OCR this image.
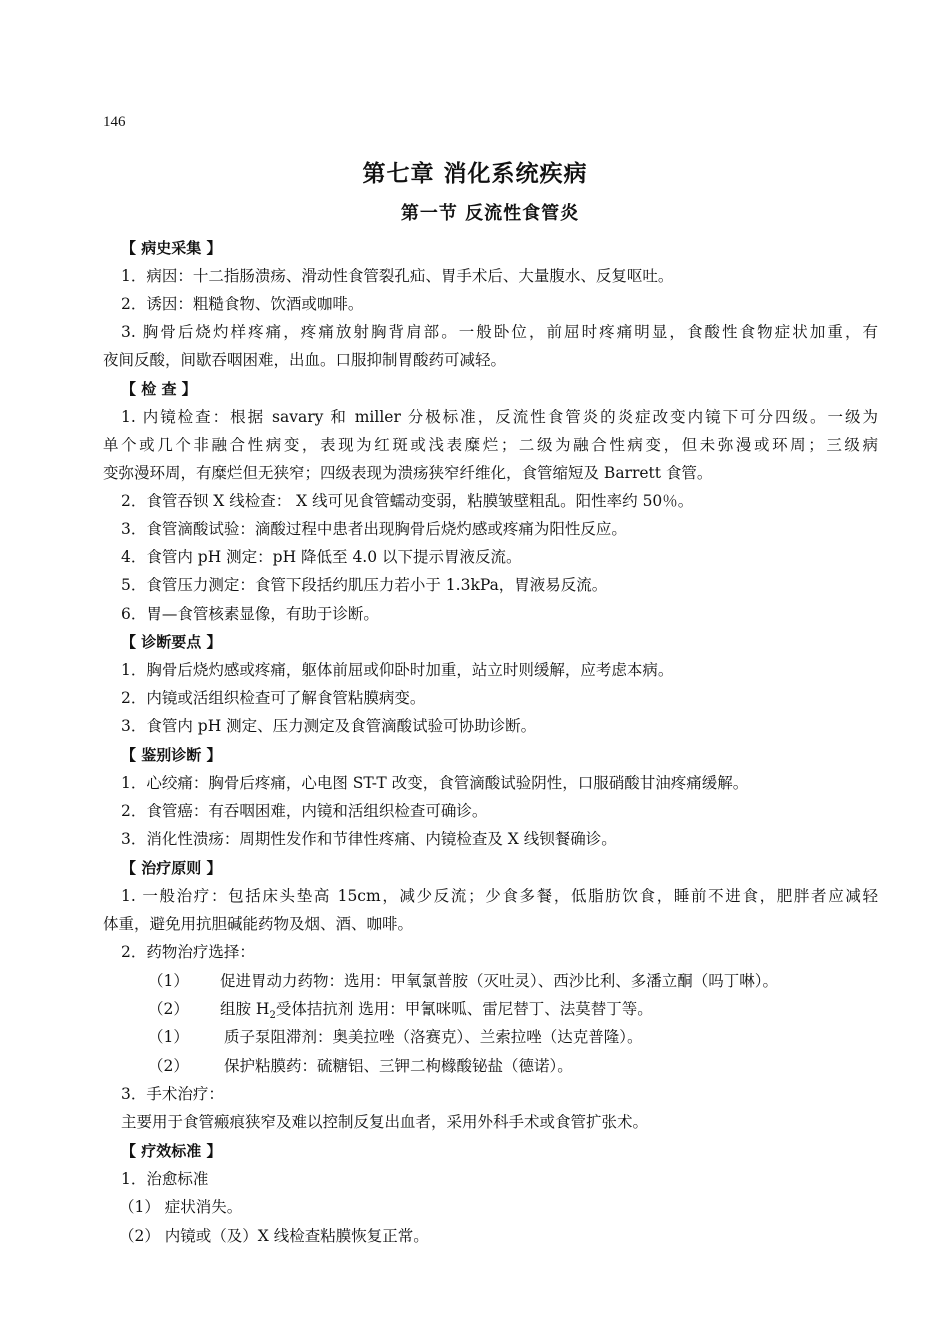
146
第七章 消化系统疾病
第一节 反流性食管炎
【 病史采集 】
1．病因：十二指肠溃疡、滑动性食管裂孔疝、胃手术后、大量腹水、反复呕吐。
2．诱因：粗糙食物、饮酒或咖啡。
3. 胸骨后烧灼样疼痛，疼痛放射胸背肩部。一般卧位，前屈时疼痛明显，食酸性食物症状加重，有
夜间反酸，间歇吞咽困难，出血。口服抑制胃酸药可减轻。
【 检 查 】
1. 内镜检查：根据 savary 和 miller 分极标准，反流性食管炎的炎症改变内镜下可分四级。一级为
单个或几个非融合性病变，表现为红斑或浅表糜烂；二级为融合性病变，但未弥漫或环周；三级病
变弥漫环周，有糜烂但无狭窄；四级表现为溃疡狭窄纤维化，食管缩短及 Barrett 食管。
2．食管吞钡 X 线检查： X 线可见食管蠕动变弱，粘膜皱壁粗乱。阳性率约 50％。
3．食管滴酸试验：滴酸过程中患者出现胸骨后烧灼感或疼痛为阳性反应。
4．食管内 pH 测定：pH 降低至 4.0 以下提示胃液反流。
5．食管压力测定：食管下段括约肌压力若小于 1.3kPa，胃液易反流。
6．胃—食管核素显像，有助于诊断。
【 诊断要点 】
1．胸骨后烧灼感或疼痛，躯体前屈或仰卧时加重，站立时则缓解，应考虑本病。
2．内镜或活组织检查可了解食管粘膜病变。
3．食管内 pH 测定、压力测定及食管滴酸试验可协助诊断。
【 鉴别诊断 】
1．心绞痛：胸骨后疼痛，心电图 ST-T 改变，食管滴酸试验阴性，口服硝酸甘油疼痛缓解。
2．食管癌：有吞咽困难，内镜和活组织检查可确诊。
3．消化性溃疡：周期性发作和节律性疼痛、内镜检查及 X 线钡餐确诊。
【 治疗原则 】
1. 一般治疗：包括床头垫高 15cm，减少反流；少食多餐，低脂肪饮食，睡前不进食，肥胖者应减轻
体重，避免用抗胆碱能药物及烟、酒、咖啡。
2．药物治疗选择：
（1） 促进胃动力药物：选用：甲氧氯普胺（灭吐灵）、西沙比利、多潘立酮（吗丁啉）。
（2） 组胺 $H_2$受体拮抗剂 选用：甲氰咪呱、雷尼替丁、法莫替丁等。
（1） 质子泵阻滞剂：奥美拉唑（洛赛克）、兰索拉唑（达克普隆）。
（2） 保护粘膜药：硫糖铝、三钾二枸橼酸铋盐（德诺）。
3．手术治疗：
主要用于食管瘢痕狭窄及难以控制反复出血者，采用外科手术或食管扩张术。
【 疗效标准 】
1．治愈标准
（1） 症状消失。
（2） 内镜或（及）X 线检查粘膜恢复正常。
